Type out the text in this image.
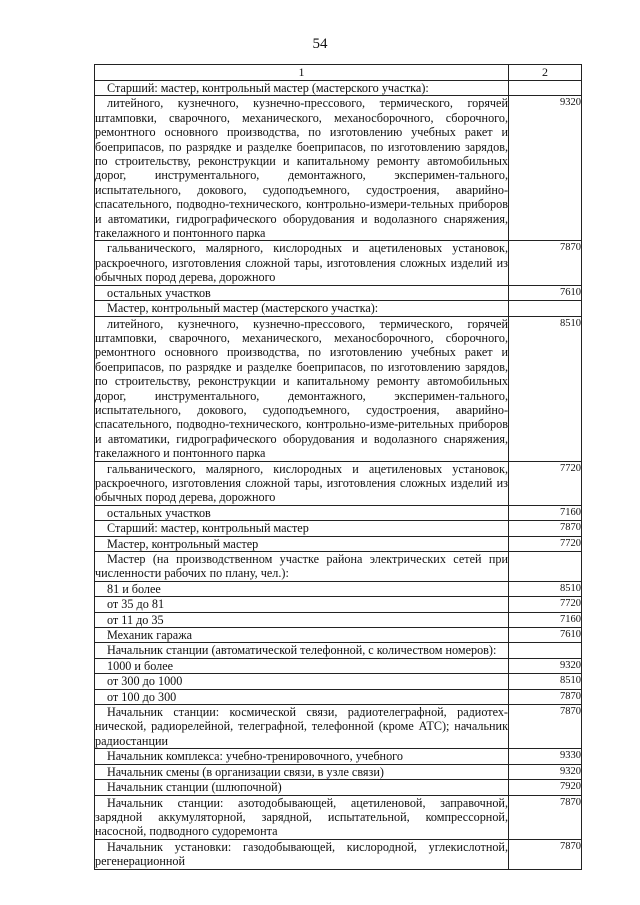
54
1	2
Старший: мастер, контрольный мастер (мастерского участка):	
литейного, кузнечного, кузнечно-прессового, термического, горячей штамповки, сварочного, механического, механосборочного, сборочного, ремонтного основного производства, по изготовлению учебных ракет и боеприпасов, по разрядке и разделке боеприпасов, по изготовлению зарядов, по строительству, реконструкции и капитальному ремонту автомобильных дорог, инструментального, демонтажного, эксперимен-тального, испытательного, докового, судоподъемного, судостроения, аварийно-спасательного, подводно-технического, контрольно-измери-тельных приборов и автоматики, гидрографического оборудования и водолазного снаряжения, такелажного и понтонного парка	9320
гальванического, малярного, кислородных и ацетиленовых установок, раскроечного, изготовления сложной тары, изготовления сложных изделий из обычных пород дерева, дорожного	7870
остальных участков	7610
Мастер, контрольный мастер (мастерского участка):	
литейного, кузнечного, кузнечно-прессового, термического, горячей штамповки, сварочного, механического, механосборочного, сборочного, ремонтного основного производства, по изготовлению учебных ракет и боеприпасов, по разрядке и разделке боеприпасов, по изготовлению зарядов, по строительству, реконструкции и капитальному ремонту автомобильных дорог, инструментального, демонтажного, эксперимен-тального, испытательного, докового, судоподъемного, судостроения, аварийно-спасательного, подводно-технического, контрольно-изме-рительных приборов и автоматики, гидрографического оборудования и водолазного снаряжения, такелажного и понтонного парка	8510
гальванического, малярного, кислородных и ацетиленовых установок, раскроечного, изготовления сложной тары, изготовления сложных изделий из обычных пород дерева, дорожного	7720
остальных участков	7160
Старший: мастер, контрольный мастер	7870
Мастер, контрольный мастер	7720
Мастер (на производственном участке района электрических сетей при численности рабочих по плану, чел.):	
81 и более	8510
от 35 до 81	7720
от 11 до 35	7160
Механик гаража	7610
Начальник станции (автоматической телефонной, с количеством номеров):	
1000 и более	9320
от 300 до 1000	8510
от 100 до 300	7870
Начальник станции: космической связи, радиотелеграфной, радиотех-нической, радиорелейной, телеграфной, телефонной (кроме АТС); начальник радиостанции	7870
Начальник комплекса: учебно-тренировочного, учебного	9330
Начальник смены (в организации связи, в узле связи)	9320
Начальник станции (шлюпочной)	7920
Начальник станции: азотодобывающей, ацетиленовой, заправочной, зарядной аккумуляторной, зарядной, испытательной, компрессорной, насосной, подводного судоремонта	7870
Начальник установки: газодобывающей, кислородной, углекислотной, регенерационной	7870
